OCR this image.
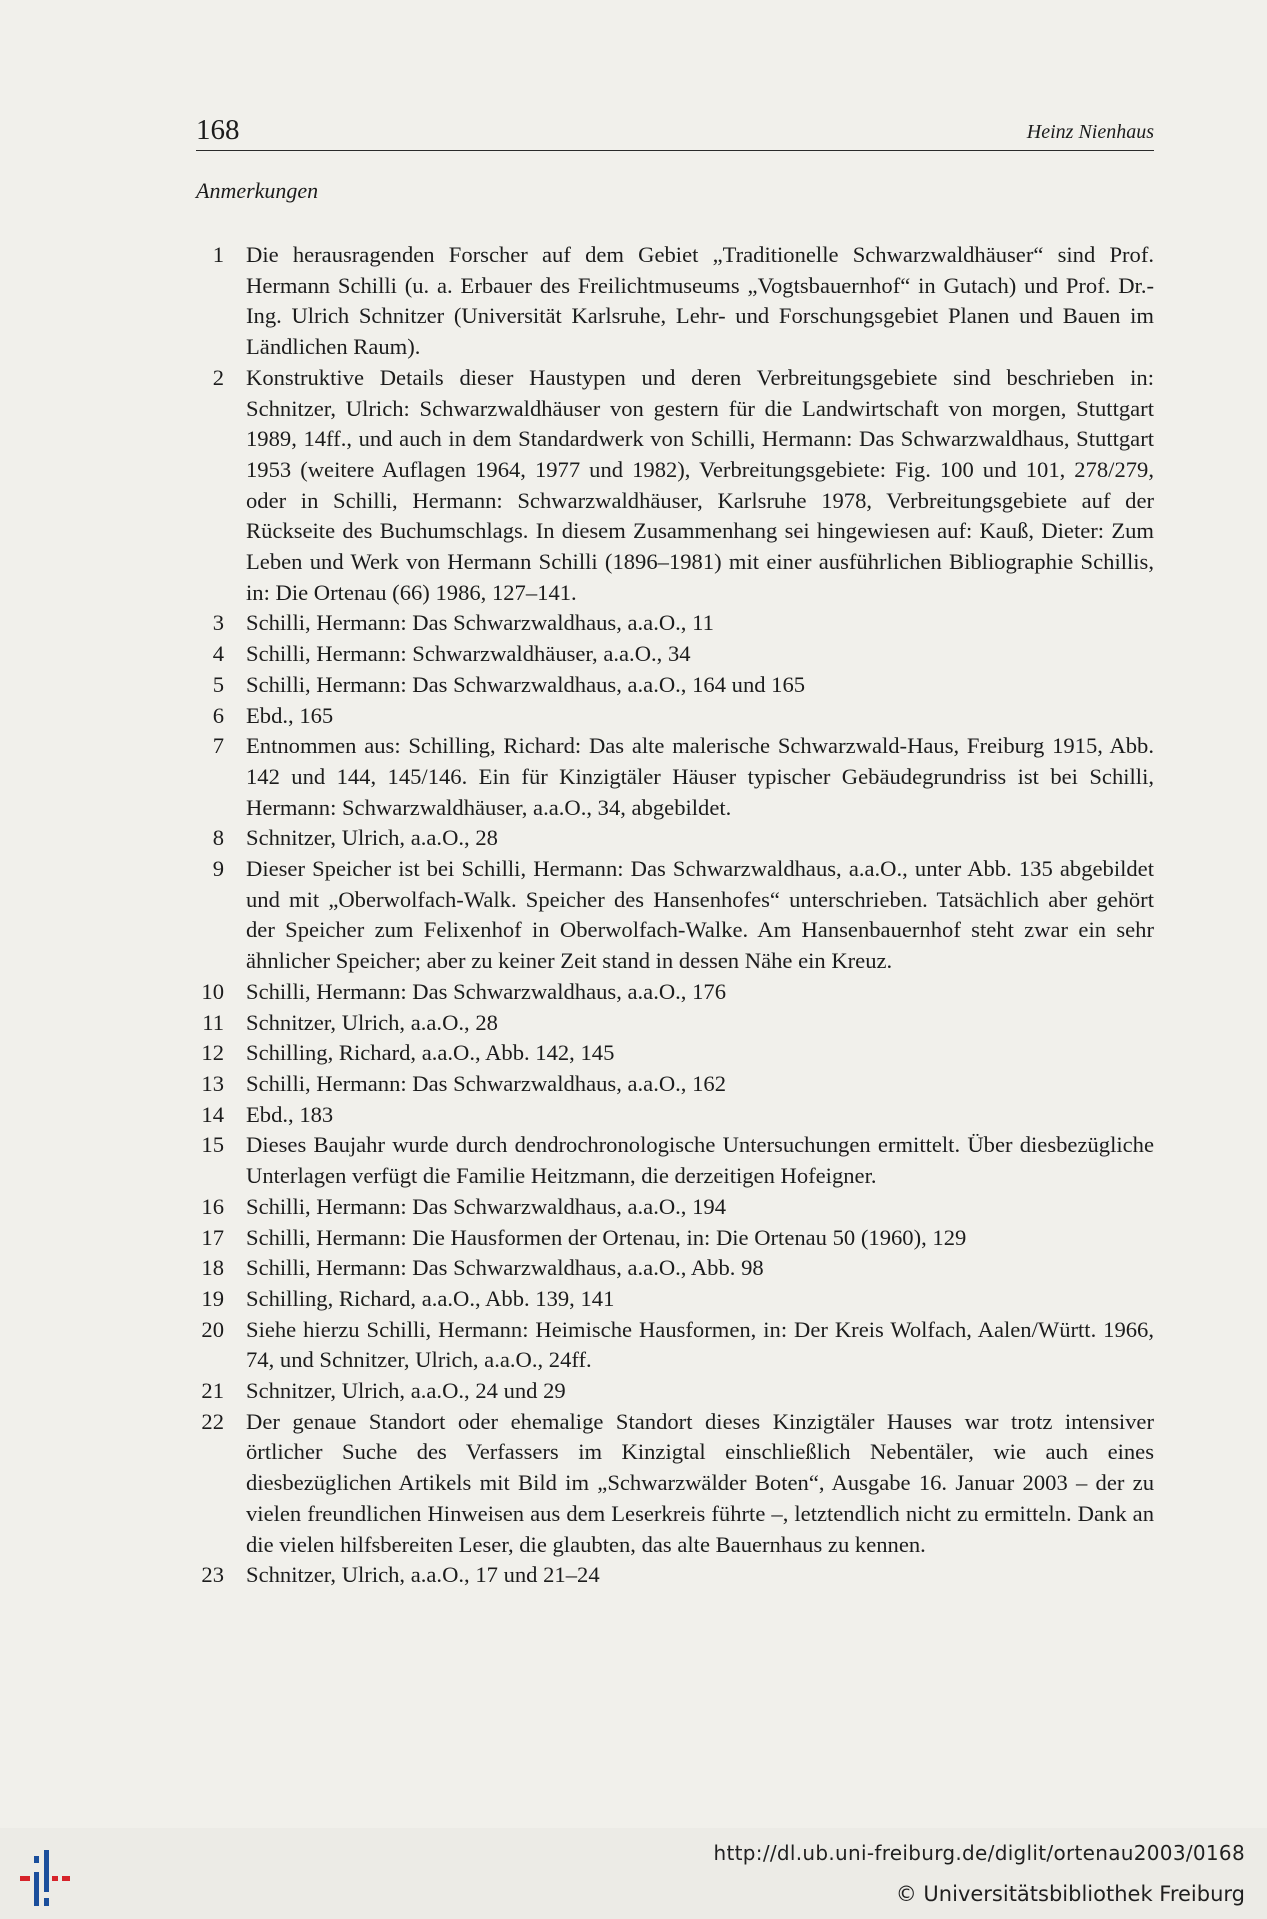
168	Heinz Nienhaus
Anmerkungen
1 Die herausragenden Forscher auf dem Gebiet „Traditionelle Schwarzwaldhäuser“ sind Prof. Hermann Schilli (u. a. Erbauer des Freilichtmuseums „Vogtsbauernhof“ in Gutach) und Prof. Dr.-Ing. Ulrich Schnitzer (Universität Karlsruhe, Lehr- und Forschungsgebiet Planen und Bauen im Ländlichen Raum).
2 Konstruktive Details dieser Haustypen und deren Verbreitungsgebiete sind beschrieben in: Schnitzer, Ulrich: Schwarzwaldhäuser von gestern für die Landwirtschaft von morgen, Stuttgart 1989, 14ff., und auch in dem Standardwerk von Schilli, Hermann: Das Schwarzwaldhaus, Stuttgart 1953 (weitere Auflagen 1964, 1977 und 1982), Verbreitungsgebiete: Fig. 100 und 101, 278/279, oder in Schilli, Hermann: Schwarzwaldhäuser, Karlsruhe 1978, Verbreitungsgebiete auf der Rückseite des Buchumschlags. In diesem Zusammenhang sei hingewiesen auf: Kauß, Dieter: Zum Leben und Werk von Hermann Schilli (1896–1981) mit einer ausführlichen Bibliographie Schillis, in: Die Ortenau (66) 1986, 127–141.
3 Schilli, Hermann: Das Schwarzwaldhaus, a.a.O., 11
4 Schilli, Hermann: Schwarzwaldhäuser, a.a.O., 34
5 Schilli, Hermann: Das Schwarzwaldhaus, a.a.O., 164 und 165
6 Ebd., 165
7 Entnommen aus: Schilling, Richard: Das alte malerische Schwarzwald-Haus, Freiburg 1915, Abb. 142 und 144, 145/146. Ein für Kinzigtäler Häuser typischer Gebäudegrundriss ist bei Schilli, Hermann: Schwarzwaldhäuser, a.a.O., 34, abgebildet.
8 Schnitzer, Ulrich, a.a.O., 28
9 Dieser Speicher ist bei Schilli, Hermann: Das Schwarzwaldhaus, a.a.O., unter Abb. 135 abgebildet und mit „Oberwolfach-Walk. Speicher des Hansenhofes“ unterschrieben. Tatsächlich aber gehört der Speicher zum Felixenhof in Oberwolfach-Walke. Am Hansenbauernhof steht zwar ein sehr ähnlicher Speicher; aber zu keiner Zeit stand in dessen Nähe ein Kreuz.
10 Schilli, Hermann: Das Schwarzwaldhaus, a.a.O., 176
11 Schnitzer, Ulrich, a.a.O., 28
12 Schilling, Richard, a.a.O., Abb. 142, 145
13 Schilli, Hermann: Das Schwarzwaldhaus, a.a.O., 162
14 Ebd., 183
15 Dieses Baujahr wurde durch dendrochronologische Untersuchungen ermittelt. Über diesbezügliche Unterlagen verfügt die Familie Heitzmann, die derzeitigen Hofeigner.
16 Schilli, Hermann: Das Schwarzwaldhaus, a.a.O., 194
17 Schilli, Hermann: Die Hausformen der Ortenau, in: Die Ortenau 50 (1960), 129
18 Schilli, Hermann: Das Schwarzwaldhaus, a.a.O., Abb. 98
19 Schilling, Richard, a.a.O., Abb. 139, 141
20 Siehe hierzu Schilli, Hermann: Heimische Hausformen, in: Der Kreis Wolfach, Aalen/Württ. 1966, 74, und Schnitzer, Ulrich, a.a.O., 24ff.
21 Schnitzer, Ulrich, a.a.O., 24 und 29
22 Der genaue Standort oder ehemalige Standort dieses Kinzigtäler Hauses war trotz intensiver örtlicher Suche des Verfassers im Kinzigtal einschließlich Nebentäler, wie auch eines diesbezüglichen Artikels mit Bild im „Schwarzwälder Boten“, Ausgabe 16. Januar 2003 – der zu vielen freundlichen Hinweisen aus dem Leserkreis führte –, letztendlich nicht zu ermitteln. Dank an die vielen hilfsbereiten Leser, die glaubten, das alte Bauernhaus zu kennen.
23 Schnitzer, Ulrich, a.a.O., 17 und 21–24
http://dl.ub.uni-freiburg.de/diglit/ortenau2003/0168
© Universitätsbibliothek Freiburg
